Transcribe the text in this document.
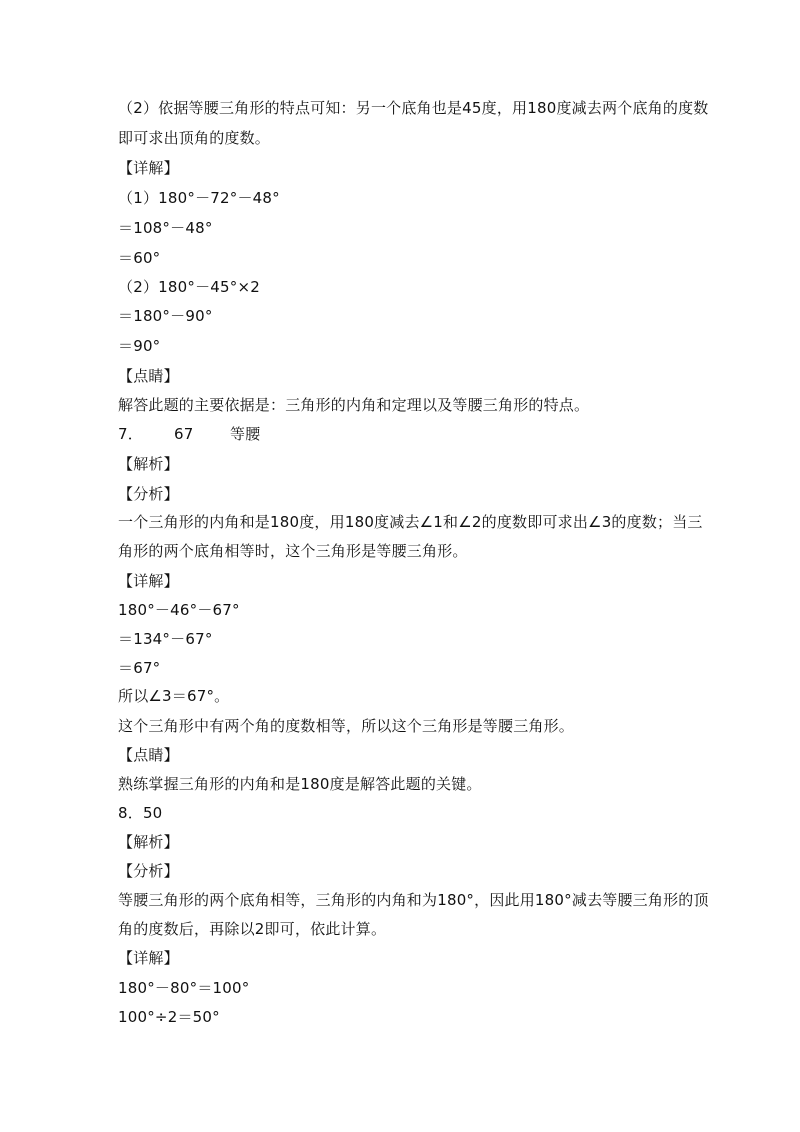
（2）依据等腰三角形的特点可知：另一个底角也是45度，用180度减去两个底角的度数
即可求出顶角的度数。
【详解】
（1）180°－72°－48°
＝108°－48°
＝60°
（2）180°－45°×2
＝180°－90°
＝90°
【点睛】
解答此题的主要依据是：三角形的内角和定理以及等腰三角形的特点。
7． 67 等腰
【解析】
【分析】
一个三角形的内角和是180度，用180度减去∠1和∠2的度数即可求出∠3的度数；当三
角形的两个底角相等时，这个三角形是等腰三角形。
【详解】
180°－46°－67°
＝134°－67°
＝67°
所以∠3＝67°。
这个三角形中有两个角的度数相等，所以这个三角形是等腰三角形。
【点睛】
熟练掌握三角形的内角和是180度是解答此题的关键。
8．50
【解析】
【分析】
等腰三角形的两个底角相等，三角形的内角和为180°，因此用180°减去等腰三角形的顶
角的度数后，再除以2即可，依此计算。
【详解】
180°－80°＝100°
100°÷2＝50°
